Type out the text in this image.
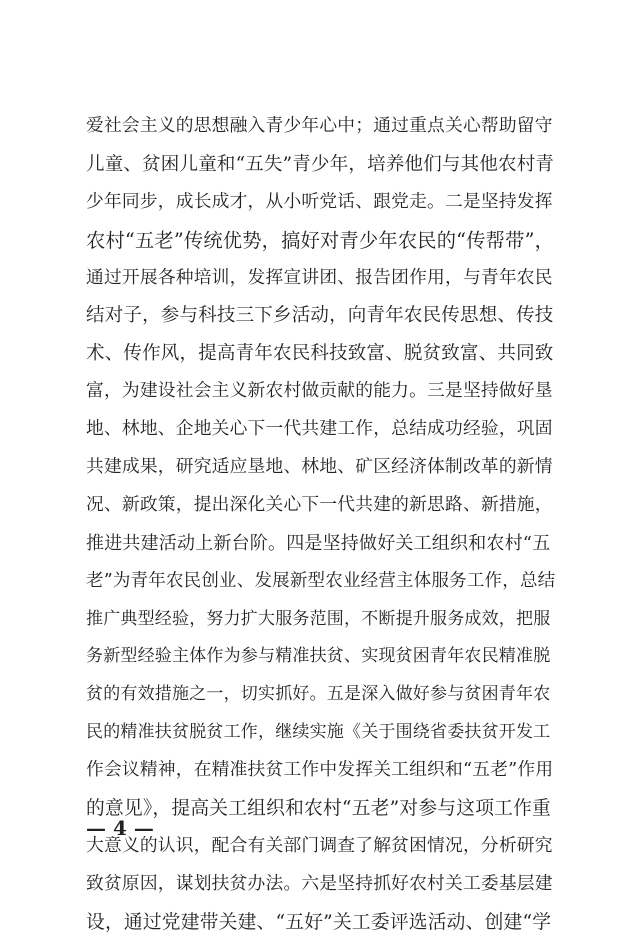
爱社会主义的思想融入青少年心中；通过重点关心帮助留守
儿童、贫困儿童和“五失”青少年，培养他们与其他农村青
少年同步，成长成才，从小听党话、跟党走。二是坚持发挥
农村“五老”传统优势，搞好对青少年农民的“传帮带”，
通过开展各种培训，发挥宣讲团、报告团作用，与青年农民
结对子，参与科技三下乡活动，向青年农民传思想、传技
术、传作风，提高青年农民科技致富、脱贫致富、共同致
富，为建设社会主义新农村做贡献的能力。三是坚持做好垦
地、林地、企地关心下一代共建工作，总结成功经验，巩固
共建成果，研究适应垦地、林地、矿区经济体制改革的新情
况、新政策，提出深化关心下一代共建的新思路、新措施，
推进共建活动上新台阶。四是坚持做好关工组织和农村“五
老”为青年农民创业、发展新型农业经营主体服务工作，总结
推广典型经验，努力扩大服务范围，不断提升服务成效，把服
务新型经验主体作为参与精准扶贫、实现贫困青年农民精准脱
贫的有效措施之一，切实抓好。五是深入做好参与贫困青年农
民的精准扶贫脱贫工作，继续实施《关于围绕省委扶贫开发工
作会议精神，在精准扶贫工作中发挥关工组织和“五老”作用
的意见》，提高关工组织和农村“五老”对参与这项工作重
大意义的认识，配合有关部门调查了解贫困情况，分析研究
致贫原因，谋划扶贫办法。六是坚持抓好农村关工委基层建
设，通过党建带关建、“五好”关工委评选活动、创建“学
— 4 —
